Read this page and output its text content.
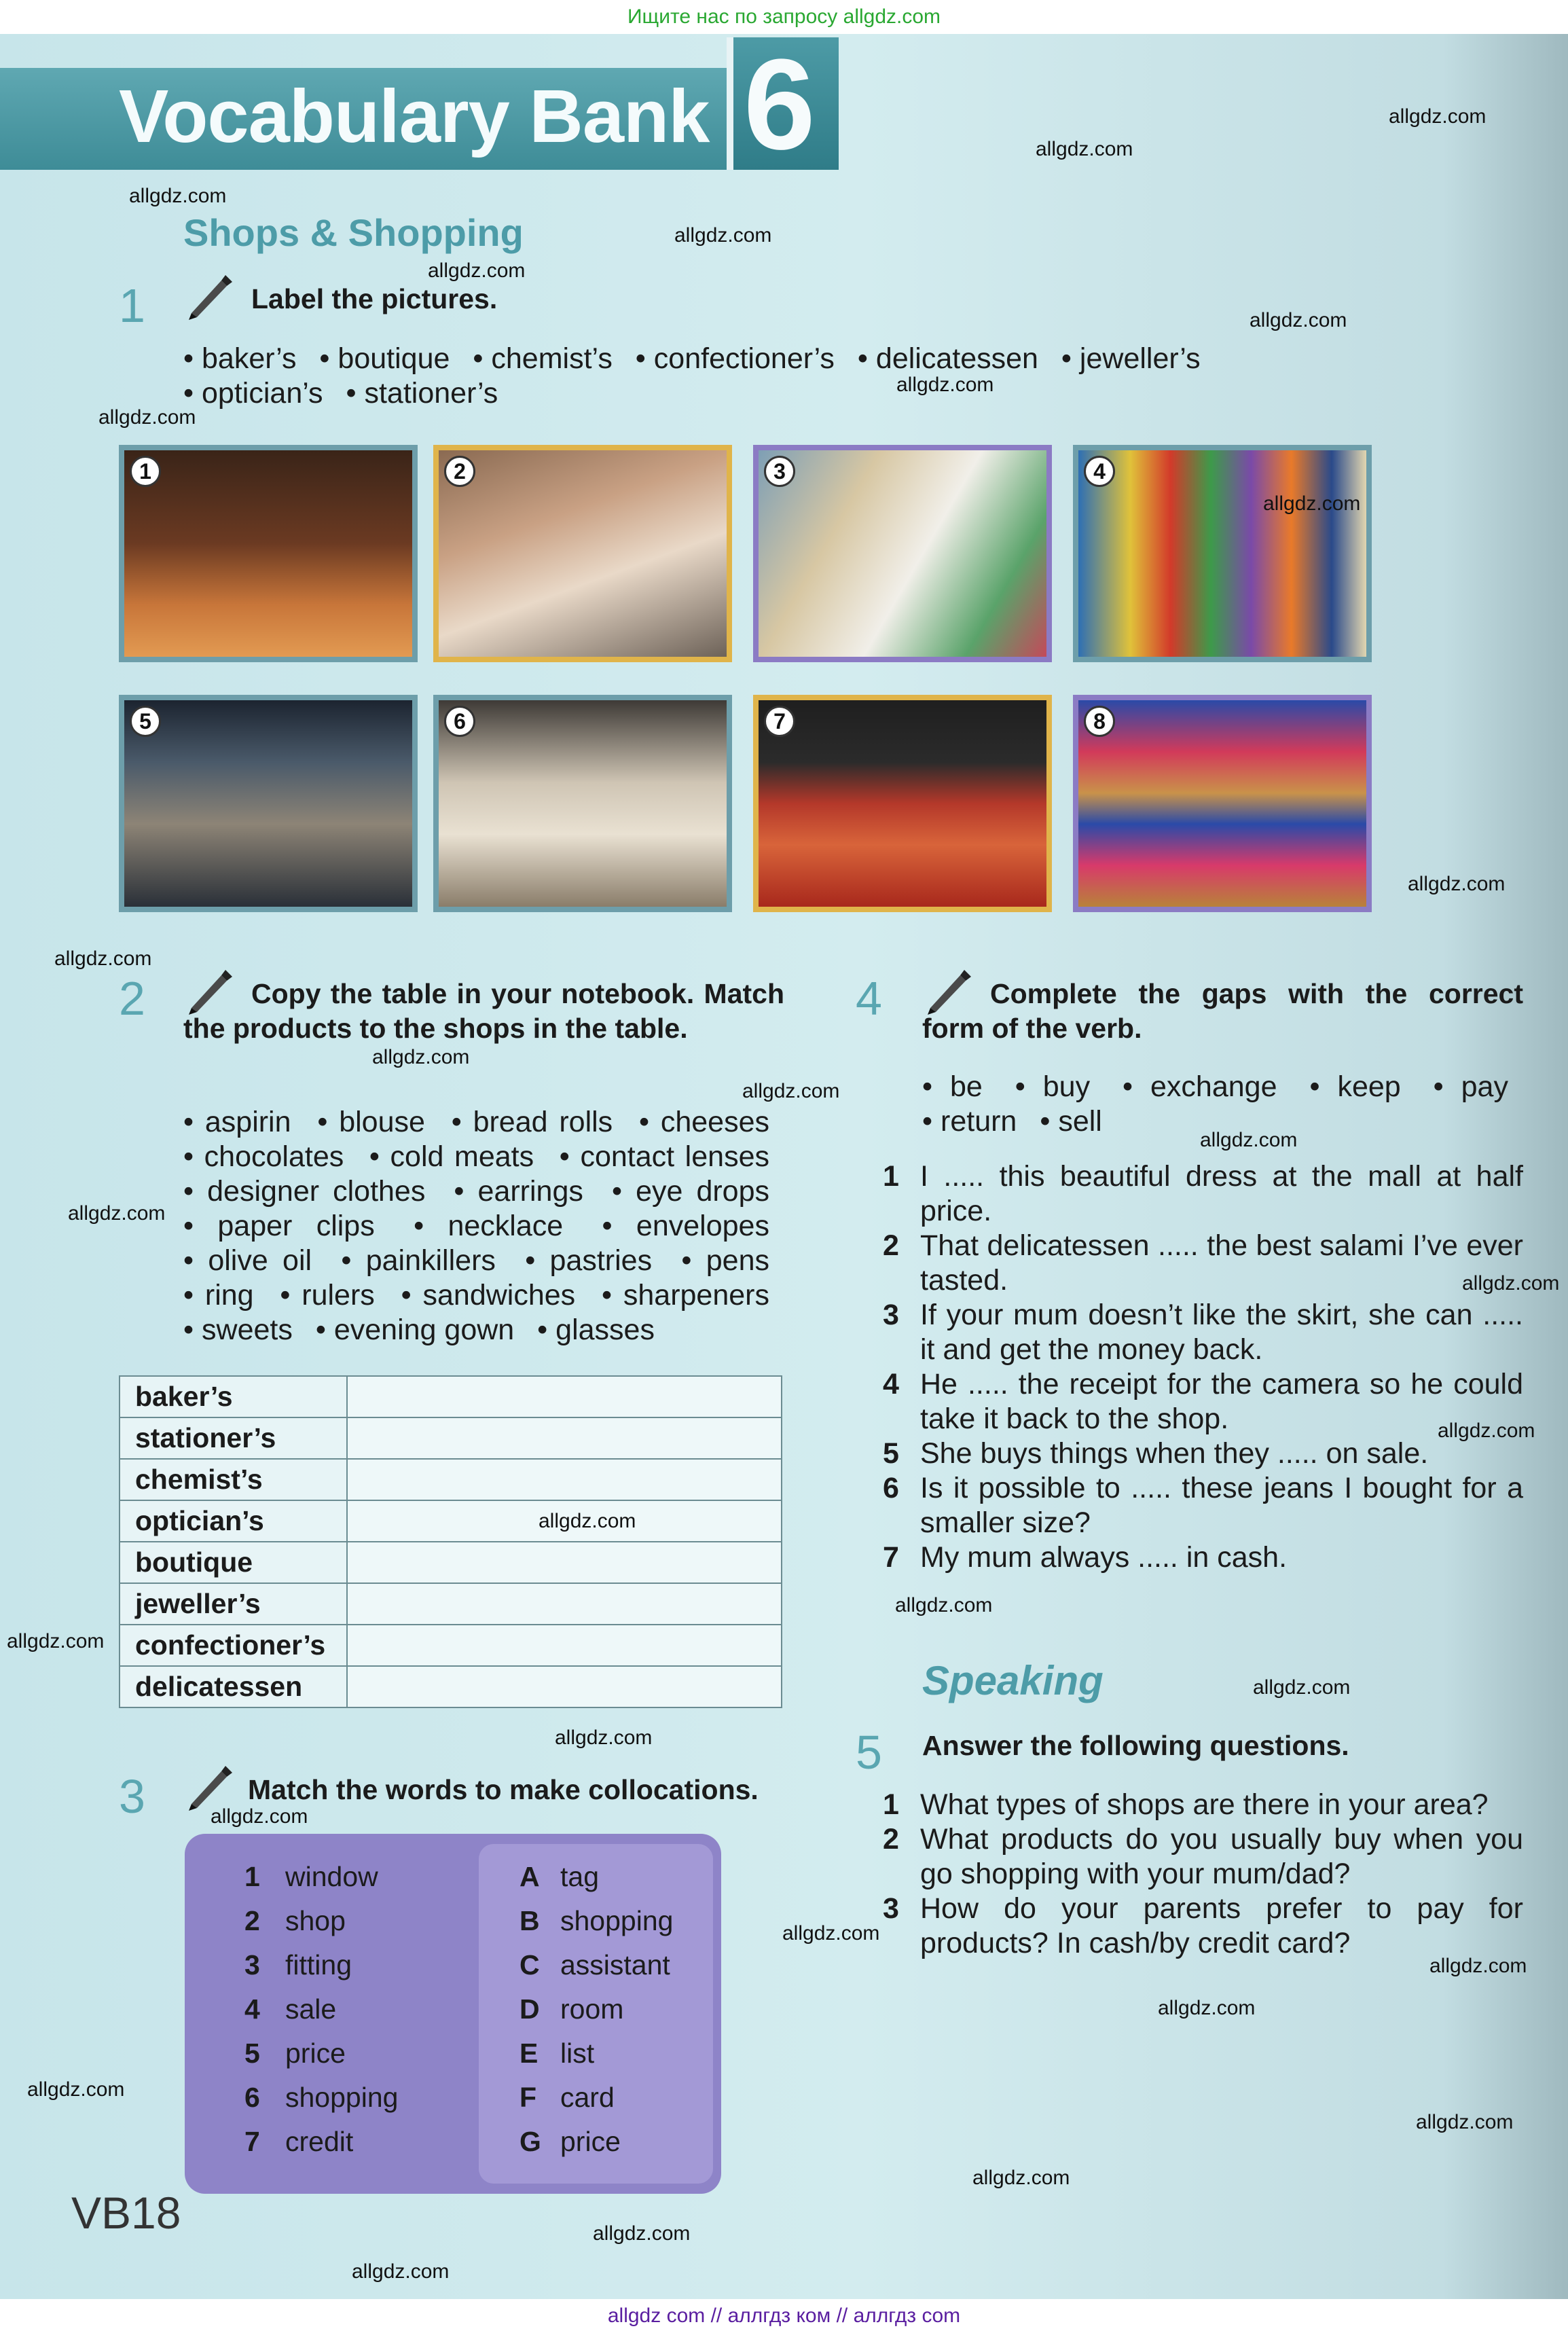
Ищите нас по запросу allgdz.com
Vocabulary Bank 6
Shops & Shopping
1	Label the pictures.
• baker’s • boutique • chemist’s • confectioner’s • delicatessen • jeweller’s
• optician’s • stationer’s
1	2	3	4
5	6	7	8
2	Copy the table in your notebook. Match the products to the shops in the table.
• aspirin • blouse • bread rolls • cheeses • chocolates • cold meats • contact lenses • designer clothes • earrings • eye drops • paper clips	• necklace	• envelopes • olive oil • painkillers • pastries • pens • ring • rulers • sandwiches • sharpeners • sweets • evening gown • glasses
baker’s	
stationer’s	
chemist’s	
optician’s	
boutique	
jeweller’s	
confectioner’s	
delicatessen	
3	Match the words to make collocations.
1 window
2 shop
3 fitting
4 sale
5 price
6 shopping
7 credit
A tag
B shopping
C assistant
D room
E list
F card
G price
4	Complete the gaps with the correct form of the verb.
• be • buy • exchange • keep • pay • return • sell
1 I ..... this beautiful dress at the mall at half price.
2 That delicatessen ..... the best salami I’ve ever tasted.
3 If your mum doesn’t like the skirt, she can ..... it and get the money back.
4 He ..... the receipt for the camera so he could take it back to the shop.
5 She buys things when they ..... on sale.
6 Is it possible to ..... these jeans I bought for a smaller size?
7 My mum always ..... in cash.
Speaking
5 Answer the following questions.
1 What types of shops are there in your area?
2 What products do you usually buy when you go shopping with your mum/dad?
3 How do your parents prefer to pay for products? In cash/by credit card?
VB18
allgdz.com
allgdz.com
allgdz.com
allgdz.com
allgdz.com
allgdz.com
allgdz.com
allgdz.com
allgdz.com
allgdz.com
allgdz.com
allgdz.com
allgdz.com
allgdz.com
allgdz.com
allgdz.com
allgdz.com
allgdz.com
allgdz.com
allgdz.com
allgdz.com
allgdz.com
allgdz.com
allgdz.com
allgdz.com
allgdz.com
allgdz.com
allgdz.com
allgdz.com
allgdz.com
allgdz.com
allgdz com // аллгдз ком // аллгдз com
